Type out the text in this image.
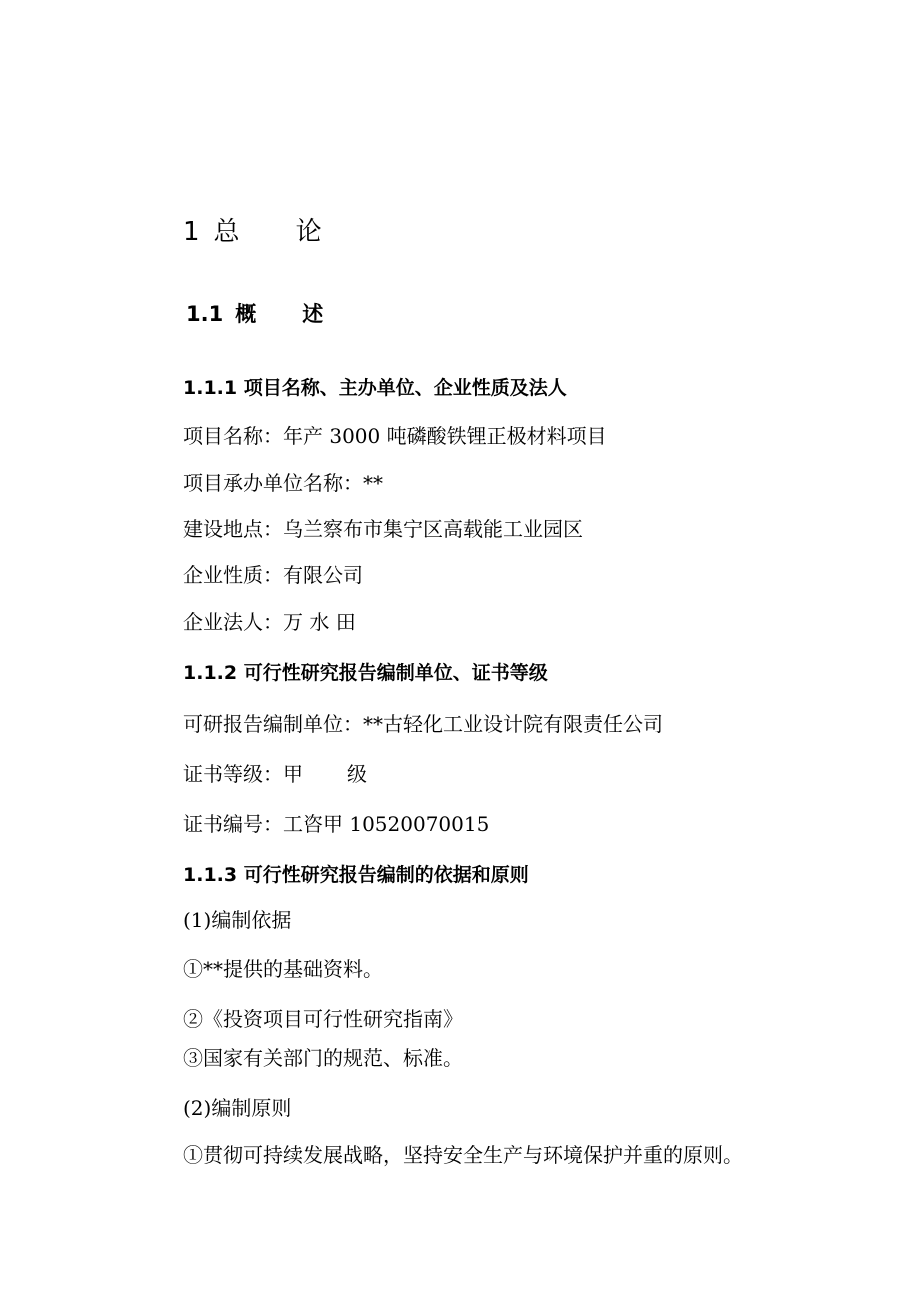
1 总 论
1.1 概 述
1.1.1 项目名称、主办单位、企业性质及法人
项目名称：年产 3000 吨磷酸铁锂正极材料项目
项目承办单位名称：**
建设地点：乌兰察布市集宁区高载能工业园区
企业性质：有限公司
企业法人：万 水 田
1.1.2 可行性研究报告编制单位、证书等级
可研报告编制单位：**古轻化工业设计院有限责任公司
证书等级：甲 级
证书编号：工咨甲 10520070015
1.1.3 可行性研究报告编制的依据和原则
(1)编制依据
①**提供的基础资料。
②《投资项目可行性研究指南》
③国家有关部门的规范、标准。
(2)编制原则
①贯彻可持续发展战略，坚持安全生产与环境保护并重的原则。
